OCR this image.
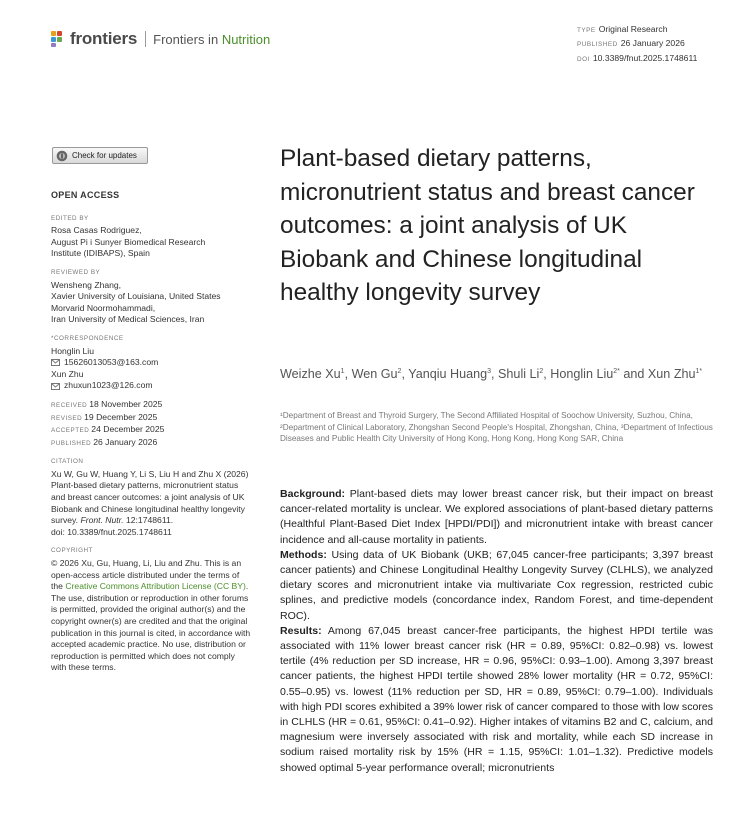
frontiers Frontiers in Nutrition
TYPE Original Research
PUBLISHED 26 January 2026
DOI 10.3389/fnut.2025.1748611
Check for updates
OPEN ACCESS
EDITED BY
Rosa Casas Rodriguez,
August Pi i Sunyer Biomedical Research
Institute (IDIBAPS), Spain
REVIEWED BY
Wensheng Zhang,
Xavier University of Louisiana, United States
Morvarid Noormohammadi,
Iran University of Medical Sciences, Iran
*CORRESPONDENCE
Honglin Liu
15626013053@163.com
Xun Zhu
zhuxun1023@126.com
RECEIVED 18 November 2025
REVISED 19 December 2025
ACCEPTED 24 December 2025
PUBLISHED 26 January 2026
CITATION
Xu W, Gu W, Huang Y, Li S, Liu H and Zhu X (2026) Plant-based dietary patterns, micronutrient status and breast cancer outcomes: a joint analysis of UK Biobank and Chinese longitudinal healthy longevity survey. Front. Nutr. 12:1748611.
doi: 10.3389/fnut.2025.1748611
COPYRIGHT
© 2026 Xu, Gu, Huang, Li, Liu and Zhu. This is an open-access article distributed under the terms of the Creative Commons Attribution License (CC BY). The use, distribution or reproduction in other forums is permitted, provided the original author(s) and the copyright owner(s) are credited and that the original publication in this journal is cited, in accordance with accepted academic practice. No use, distribution or reproduction is permitted which does not comply with these terms.
Plant-based dietary patterns, micronutrient status and breast cancer outcomes: a joint analysis of UK Biobank and Chinese longitudinal healthy longevity survey
Weizhe Xu$^1$, Wen Gu$^2$, Yanqiu Huang$^3$, Shuli Li$^2$, Honglin Liu$^{2*}$ and Xun Zhu$^{1*}$
¹Department of Breast and Thyroid Surgery, The Second Affiliated Hospital of Soochow University, Suzhou, China, ²Department of Clinical Laboratory, Zhongshan Second People's Hospital, Zhongshan, China, ³Department of Infectious Diseases and Public Health City University of Hong Kong, Hong Kong, Hong Kong SAR, China

Background: Plant-based diets may lower breast cancer risk, but their impact on breast cancer-related mortality is unclear. We explored associations of plant-based dietary patterns (Healthful Plant-Based Diet Index [HPDI/PDI]) and micronutrient intake with breast cancer incidence and all-cause mortality in patients.

Methods: Using data of UK Biobank (UKB; 67,045 cancer-free participants; 3,397 breast cancer patients) and Chinese Longitudinal Healthy Longevity Survey (CLHLS), we analyzed dietary scores and micronutrient intake via multivariate Cox regression, restricted cubic splines, and predictive models (concordance index, Random Forest, and time-dependent ROC).

Results: Among 67,045 breast cancer-free participants, the highest HPDI tertile was associated with 11% lower breast cancer risk (HR = 0.89, 95%CI: 0.82–0.98) vs. lowest tertile (4% reduction per SD increase, HR = 0.96, 95%CI: 0.93–1.00). Among 3,397 breast cancer patients, the highest HPDI tertile showed 28% lower mortality (HR = 0.72, 95%CI: 0.55–0.95) vs. lowest (11% reduction per SD, HR = 0.89, 95%CI: 0.79–1.00). Individuals with high PDI scores exhibited a 39% lower risk of cancer compared to those with low scores in CLHLS (HR = 0.61, 95%CI: 0.41–0.92). Higher intakes of vitamins B2 and C, calcium, and magnesium were inversely associated with risk and mortality, while each SD increase in sodium raised mortality risk by 15% (HR = 1.15, 95%CI: 1.01–1.32). Predictive models showed optimal 5-year performance overall; micronutrients
